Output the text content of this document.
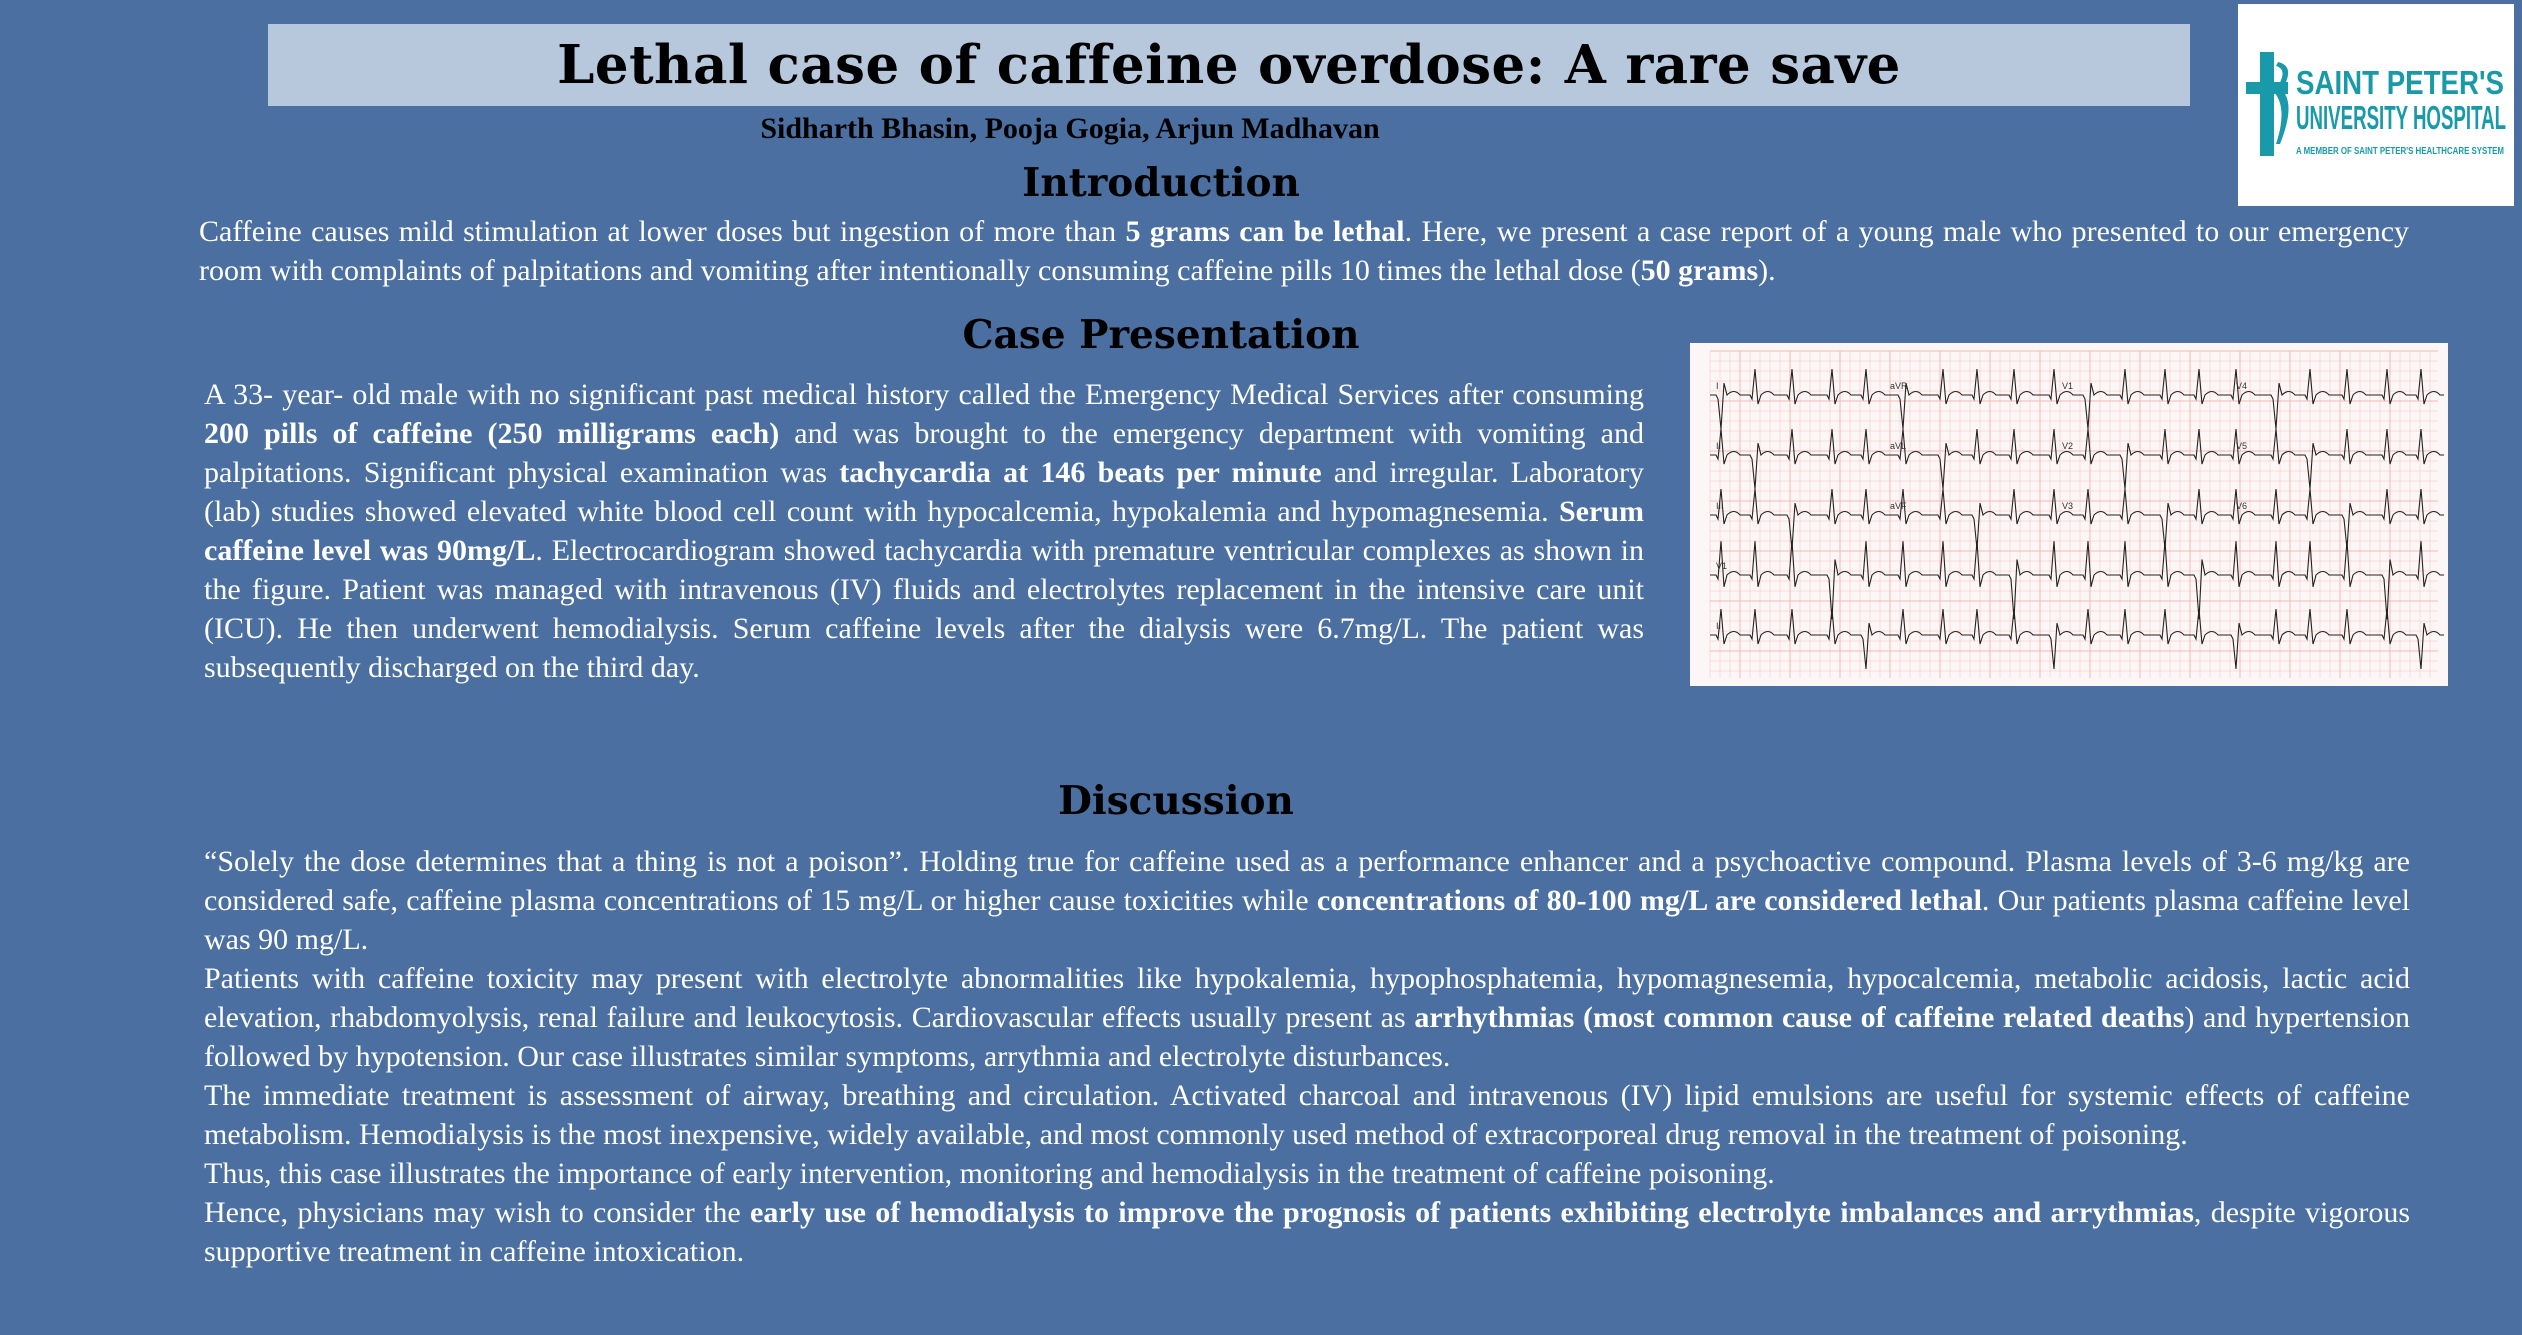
Lethal case of caffeine overdose: A rare save
Sidharth Bhasin, Pooja Gogia, Arjun Madhavan
SAINT PETER'S
UNIVERSITY HOSPITAL
A MEMBER OF SAINT PETER'S HEALTHCARE SYSTEM
Introduction

Caffeine causes mild stimulation at lower doses but ingestion of more than 5 grams can be lethal. Here, we present a case report of a young male who presented to our emergency room with complaints of palpitations and vomiting after intentionally consuming caffeine pills 10 times the lethal dose (50 grams).

Case Presentation

A 33- year- old male with no significant past medical history called the Emergency Medical Services after consuming 200 pills of caffeine (250 milligrams each) and was brought to the emergency department with vomiting and palpitations. Significant physical examination was tachycardia at 146 beats per minute and irregular. Laboratory (lab) studies showed elevated white blood cell count with hypocalcemia, hypokalemia and hypomagnesemia. Serum caffeine level was 90mg/L. Electrocardiogram showed tachycardia with premature ventricular complexes as shown in the figure. Patient was managed with intravenous (IV) fluids and electrolytes replacement in the intensive care unit (ICU). He then underwent hemodialysis. Serum caffeine levels after the dialysis were 6.7mg/L. The patient was subsequently discharged on the third day.

I	aVR	V1	V4
II	aVL	V2	V5
III	aVF	V3	V6
V1
II
Discussion

“Solely the dose determines that a thing is not a poison”. Holding true for caffeine used as a performance enhancer and a psychoactive compound. Plasma levels of 3-6 mg/kg are considered safe, caffeine plasma concentrations of 15 mg/L or higher cause toxicities while concentrations of 80-100 mg/L are considered lethal. Our patients plasma caffeine level was 90 mg/L.

Patients with caffeine toxicity may present with electrolyte abnormalities like hypokalemia, hypophosphatemia, hypomagnesemia, hypocalcemia, metabolic acidosis, lactic acid elevation, rhabdomyolysis, renal failure and leukocytosis. Cardiovascular effects usually present as arrhythmias (most common cause of caffeine related deaths) and hypertension followed by hypotension. Our case illustrates similar symptoms, arrythmia and electrolyte disturbances.

The immediate treatment is assessment of airway, breathing and circulation. Activated charcoal and intravenous (IV) lipid emulsions are useful for systemic effects of caffeine metabolism. Hemodialysis is the most inexpensive, widely available, and most commonly used method of extracorporeal drug removal in the treatment of poisoning.

Thus, this case illustrates the importance of early intervention, monitoring and hemodialysis in the treatment of caffeine poisoning.

Hence, physicians may wish to consider the early use of hemodialysis to improve the prognosis of patients exhibiting electrolyte imbalances and arrythmias, despite vigorous supportive treatment in caffeine intoxication.
